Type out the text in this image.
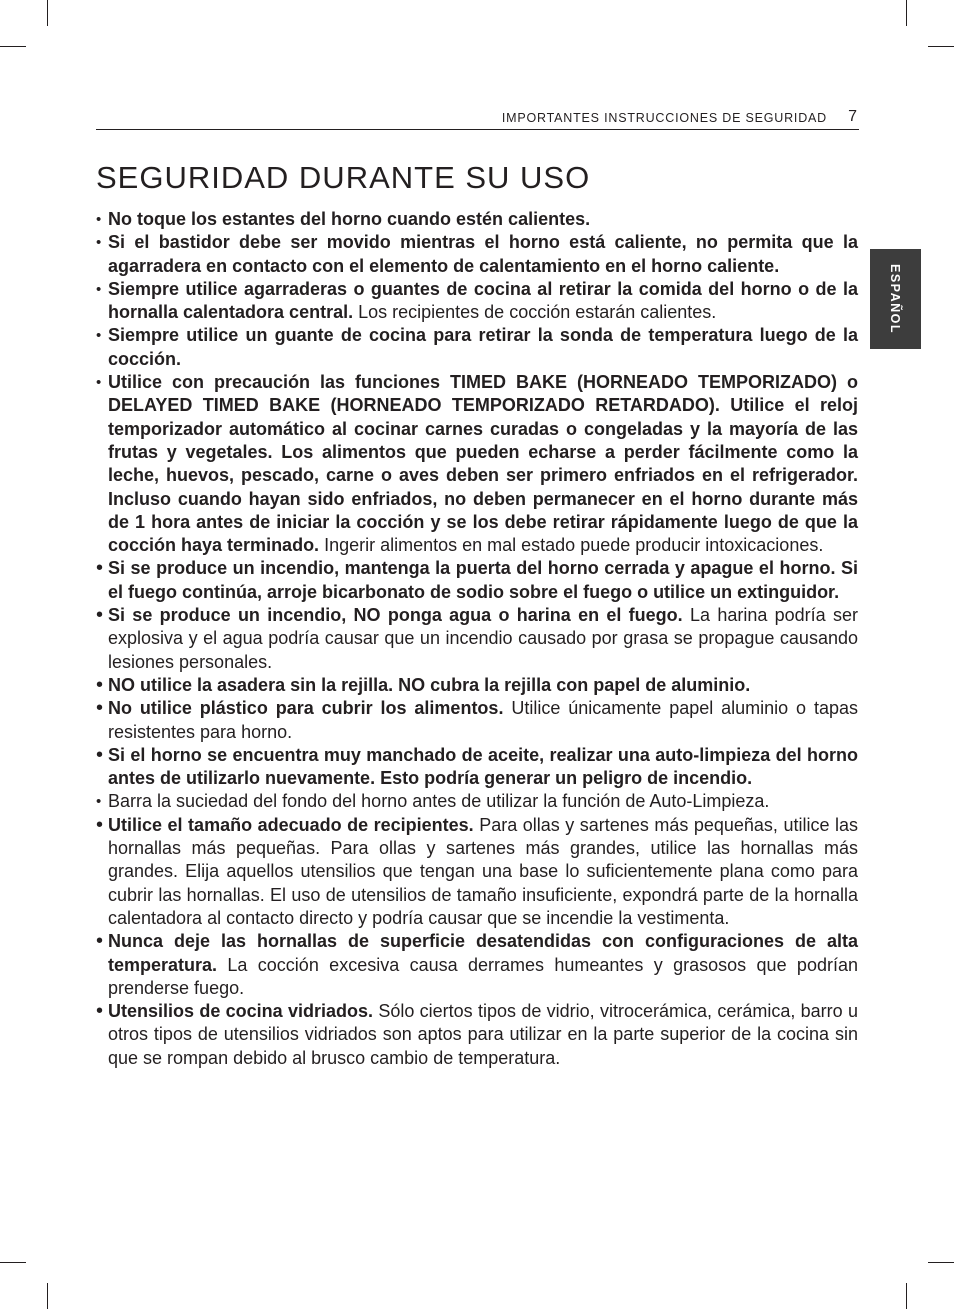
IMPORTANTES INSTRUCCIONES DE SEGURIDAD 7
ESPAÑOL
SEGURIDAD DURANTE SU USO
• No toque los estantes del horno cuando estén calientes.
• Si el bastidor debe ser movido mientras el horno está caliente, no permita que la agarradera en contacto con el elemento de calentamiento en el horno caliente.
• Siempre utilice agarraderas o guantes de cocina al retirar la comida del horno o de la hornalla calentadora central. Los recipientes de cocción estarán calientes.
• Siempre utilice un guante de cocina para retirar la sonda de temperatura luego de la cocción.
• Utilice con precaución las funciones TIMED BAKE (HORNEADO TEMPORIZADO) o DELAYED TIMED BAKE (HORNEADO TEMPORIZADO RETARDADO). Utilice el reloj temporizador automático al cocinar carnes curadas o congeladas y la mayoría de las frutas y vegetales. Los alimentos que pueden echarse a perder fácilmente como la leche, huevos, pescado, carne o aves deben ser primero enfriados en el refrigerador. Incluso cuando hayan sido enfriados, no deben permanecer en el horno durante más de 1 hora antes de iniciar la cocción y se los debe retirar rápidamente luego de que la cocción haya terminado. Ingerir alimentos en mal estado puede producir intoxicaciones.
• Si se produce un incendio, mantenga la puerta del horno cerrada y apague el horno. Si el fuego continúa, arroje bicarbonato de sodio sobre el fuego o utilice un extinguidor.
• Si se produce un incendio, NO ponga agua o harina en el fuego. La harina podría ser explosiva y el agua podría causar que un incendio causado por grasa se propague causando lesiones personales.
• NO utilice la asadera sin la rejilla. NO cubra la rejilla con papel de aluminio.
• No utilice plástico para cubrir los alimentos. Utilice únicamente papel aluminio o tapas resistentes para horno.
• Si el horno se encuentra muy manchado de aceite, realizar una auto-limpieza del horno antes de utilizarlo nuevamente. Esto podría generar un peligro de incendio.
• Barra la suciedad del fondo del horno antes de utilizar la función de Auto-Limpieza.
• Utilice el tamaño adecuado de recipientes. Para ollas y sartenes más pequeñas, utilice las hornallas más pequeñas. Para ollas y sartenes más grandes, utilice las hornallas más grandes. Elija aquellos utensilios que tengan una base lo suficientemente plana como para cubrir las hornallas. El uso de utensilios de tamaño insuficiente, expondrá parte de la hornalla calentadora al contacto directo y podría causar que se incendie la vestimenta.
• Nunca deje las hornallas de superficie desatendidas con configuraciones de alta temperatura. La cocción excesiva causa derrames humeantes y grasosos que podrían prenderse fuego.
• Utensilios de cocina vidriados. Sólo ciertos tipos de vidrio, vitrocerámica, cerámica, barro u otros tipos de utensilios vidriados son aptos para utilizar en la parte superior de la cocina sin que se rompan debido al brusco cambio de temperatura.
